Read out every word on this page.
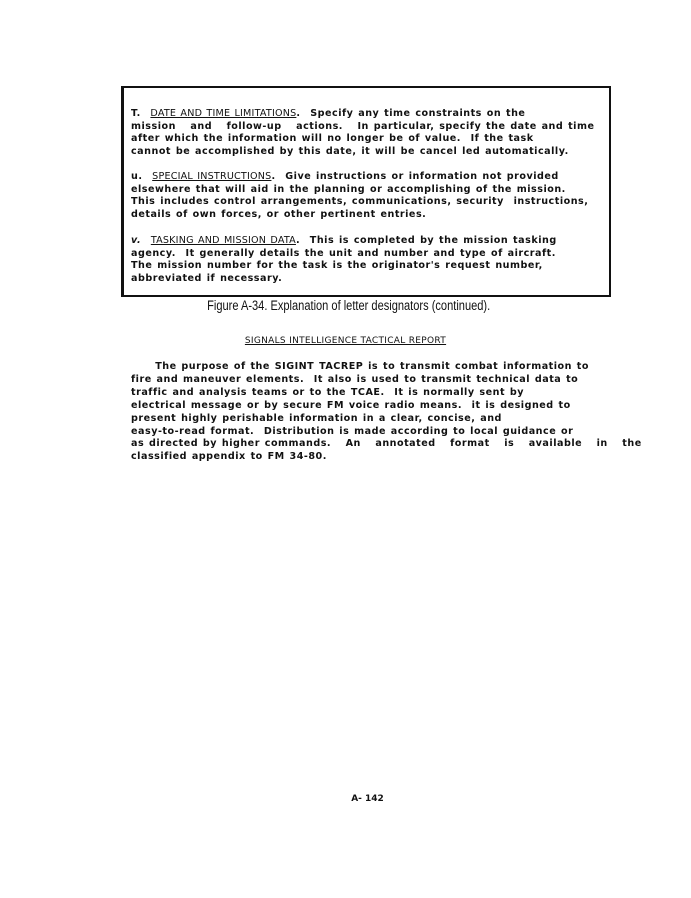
T. DATE AND TIME LIMITATIONS.  Specify any time constraints on the

mission   and   follow-up   actions.   In particular, specify the date and time

after which the information will no longer be of value.  If the task

cannot be accomplished by this date, it will be cancel led automatically.

u. SPECIAL INSTRUCTIONS.  Give instructions or information not provided

elsewhere that will aid in the planning or accomplishing of the mission.

This includes control arrangements, communications, security  instructions,

details of own forces, or other pertinent entries.

v. TASKING AND MISSION DATA.  This is completed by the mission tasking

agency.  It generally details the unit and number and type of aircraft.

The mission number for the task is the originator's request number,

abbreviated if necessary.

Figure A-34. Explanation of letter designators (continued).
SIGNALS INTELLIGENCE TACTICAL REPORT

The purpose of the SIGINT TACREP is to transmit combat information to

fire and maneuver elements.  It also is used to transmit technical data to

traffic and analysis teams or to the TCAE.  It is normally sent by

electrical message or by secure FM voice radio means.  it is designed to

present highly perishable information in a clear, concise, and

easy-to-read format.  Distribution is made according to local guidance or

as directed by higher commands.   An   annotated   format   is   available   in   the

classified appendix to FM 34-80.

A- 142
